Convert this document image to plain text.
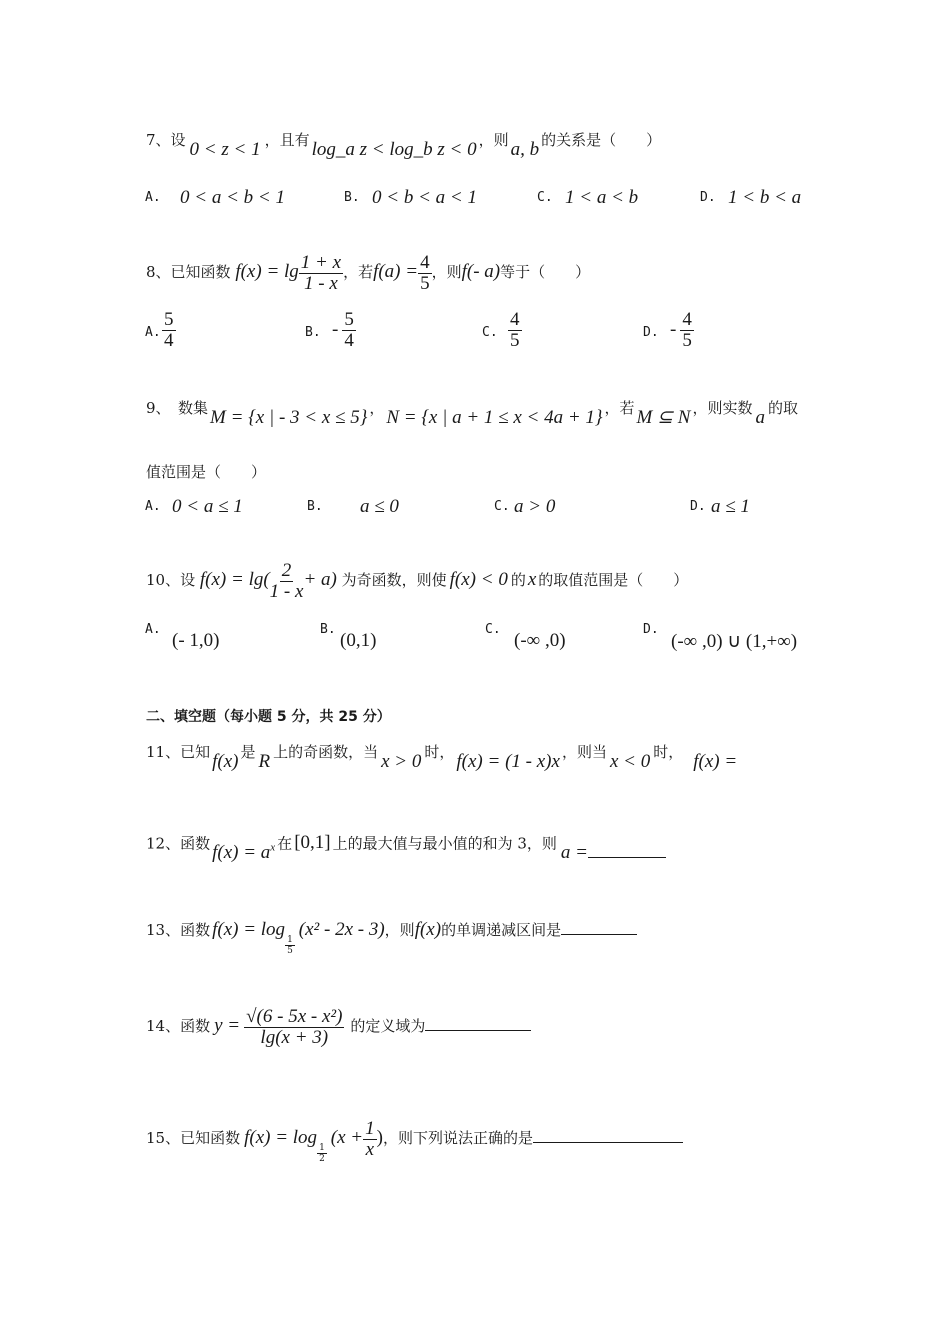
7、设 0 < z < 1 ，且有 log_a z < log_b z < 0 ，则 a, b 的关系是（　　）
A. 0 < a < b < 1	B. 0 < b < a < 1	C. 1 < a < b	D. 1 < b < a
8、已知函数 $f(x) = \lg \frac{1 + x}{1 - x}$ ，若$f(a) = \frac{4}{5}$ ，则f(- a)等于（　　）
A. $\frac{5}{4}$	B. - $\frac{5}{4}$	C. $\frac{4}{5}$	D. - $\frac{4}{5}$
9、　数集 M = {x | - 3 < x ≤ 5} ， N = {x | a + 1 ≤ x < 4a + 1} ，若 M ⊆ N ，则实数 a 的取
值范围是（　　）
A. 0 < a ≤ 1	B. a ≤ 0	C. a > 0	D. a ≤ 1
10、设 $f(x) = \lg( \frac{2}{1 - x} + a)$ 为奇函数，则使 f(x) < 0 的 x 的取值范围是（　　）
A.
(- 1,0)
B.
(0,1)
C.
(-∞ ,0)
D.
(-∞ ,0) ∪ (1,+∞)
二、填空题（每小题 5 分，共 25 分）
11、已知 f(x) 是 R 上的奇函数，当 x > 0 时， f(x) = (1 - x)x ，则当 x < 0 时， f(x) =
12、函数 $f(x) = a^x$ 在 [0,1] 上的最大值与最小值的和为 3，则 a =
13、函数 f(x) = log
$\frac{1}{5}$
(x² - 2x - 3)，则f(x)的单调递减区间是
14、函数 $y = \frac{\text{√(6 - 5x - x²)}}{\lg(x + 3)}$ 的定义域为
15、已知函数 f(x) = log
$\frac{1}{2}$
($x + \frac{1}{x}$ )，则下列说法正确的是
